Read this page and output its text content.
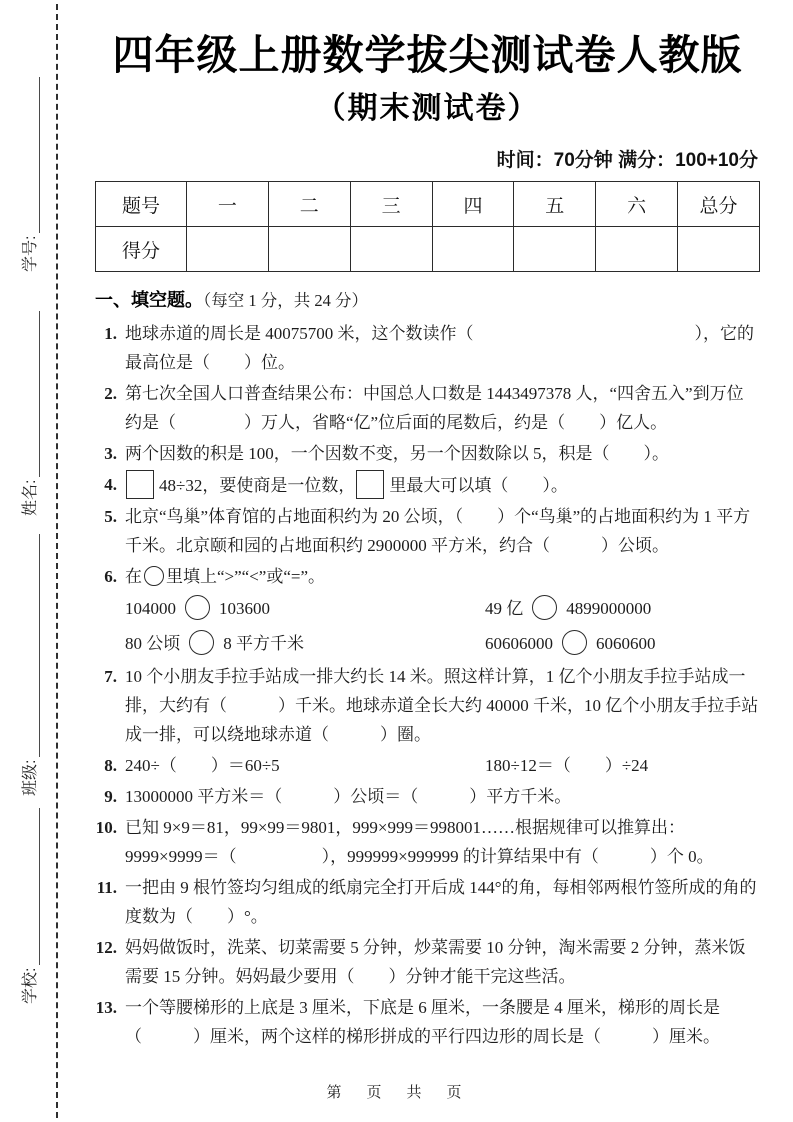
学号:
姓名:
班级:
学校:
四年级上册数学拔尖测试卷人教版
（期末测试卷）
时间：70分钟 满分：100+10分
题号	一	二	三	四	五	六	总分
得分							
一、填空题。（每空 1 分，共 24 分）
1. 地球赤道的周长是 40075700 米，这个数读作（　　　　　　　　　　　　　），它的最高位是（　　）位。
2. 第七次全国人口普查结果公布：中国总人口数是 1443497378 人，“四舍五入”到万位约是（　　　　）万人，省略“亿”位后面的尾数后，约是（　　）亿人。
3. 两个因数的积是 100，一个因数不变，另一个因数除以 5，积是（　　）。
4.	48÷32，要使商是一位数， 里最大可以填（　　）。
5. 北京“鸟巢”体育馆的占地面积约为 20 公顷，（　　）个“鸟巢”的占地面积约为 1 平方千米。北京颐和园的占地面积约 2900000 平方米，约合（　　　）公顷。
6. 在 里填上“>”“<”或“=”。
104000	103600	49 亿	4899000000
80 公顷	8 平方千米	60606000	6060600
7. 10 个小朋友手拉手站成一排大约长 14 米。照这样计算，1 亿个小朋友手拉手站成一排，大约有（　　　）千米。地球赤道全长大约 40000 千米，10 亿个小朋友手拉手站成一排，可以绕地球赤道（　　　）圈。
8. 240÷（　　）＝60÷5	180÷12＝（　　）÷24
9. 13000000 平方米＝（　　　）公顷＝（　　　）平方千米。
10. 已知 9×9＝81，99×99＝9801，999×999＝998001……根据规律可以推算出：9999×9999＝（　　　　　），999999×999999 的计算结果中有（　　　）个 0。
11. 一把由 9 根竹签均匀组成的纸扇完全打开后成 144°的角，每相邻两根竹签所成的角的度数为（　　）°。
12. 妈妈做饭时，洗菜、切菜需要 5 分钟，炒菜需要 10 分钟，淘米需要 2 分钟，蒸米饭需要 15 分钟。妈妈最少要用（　　）分钟才能干完这些活。
13. 一个等腰梯形的上底是 3 厘米，下底是 6 厘米，一条腰是 4 厘米，梯形的周长是（　　　）厘米，两个这样的梯形拼成的平行四边形的周长是（　　　）厘米。
第　页　共　页
